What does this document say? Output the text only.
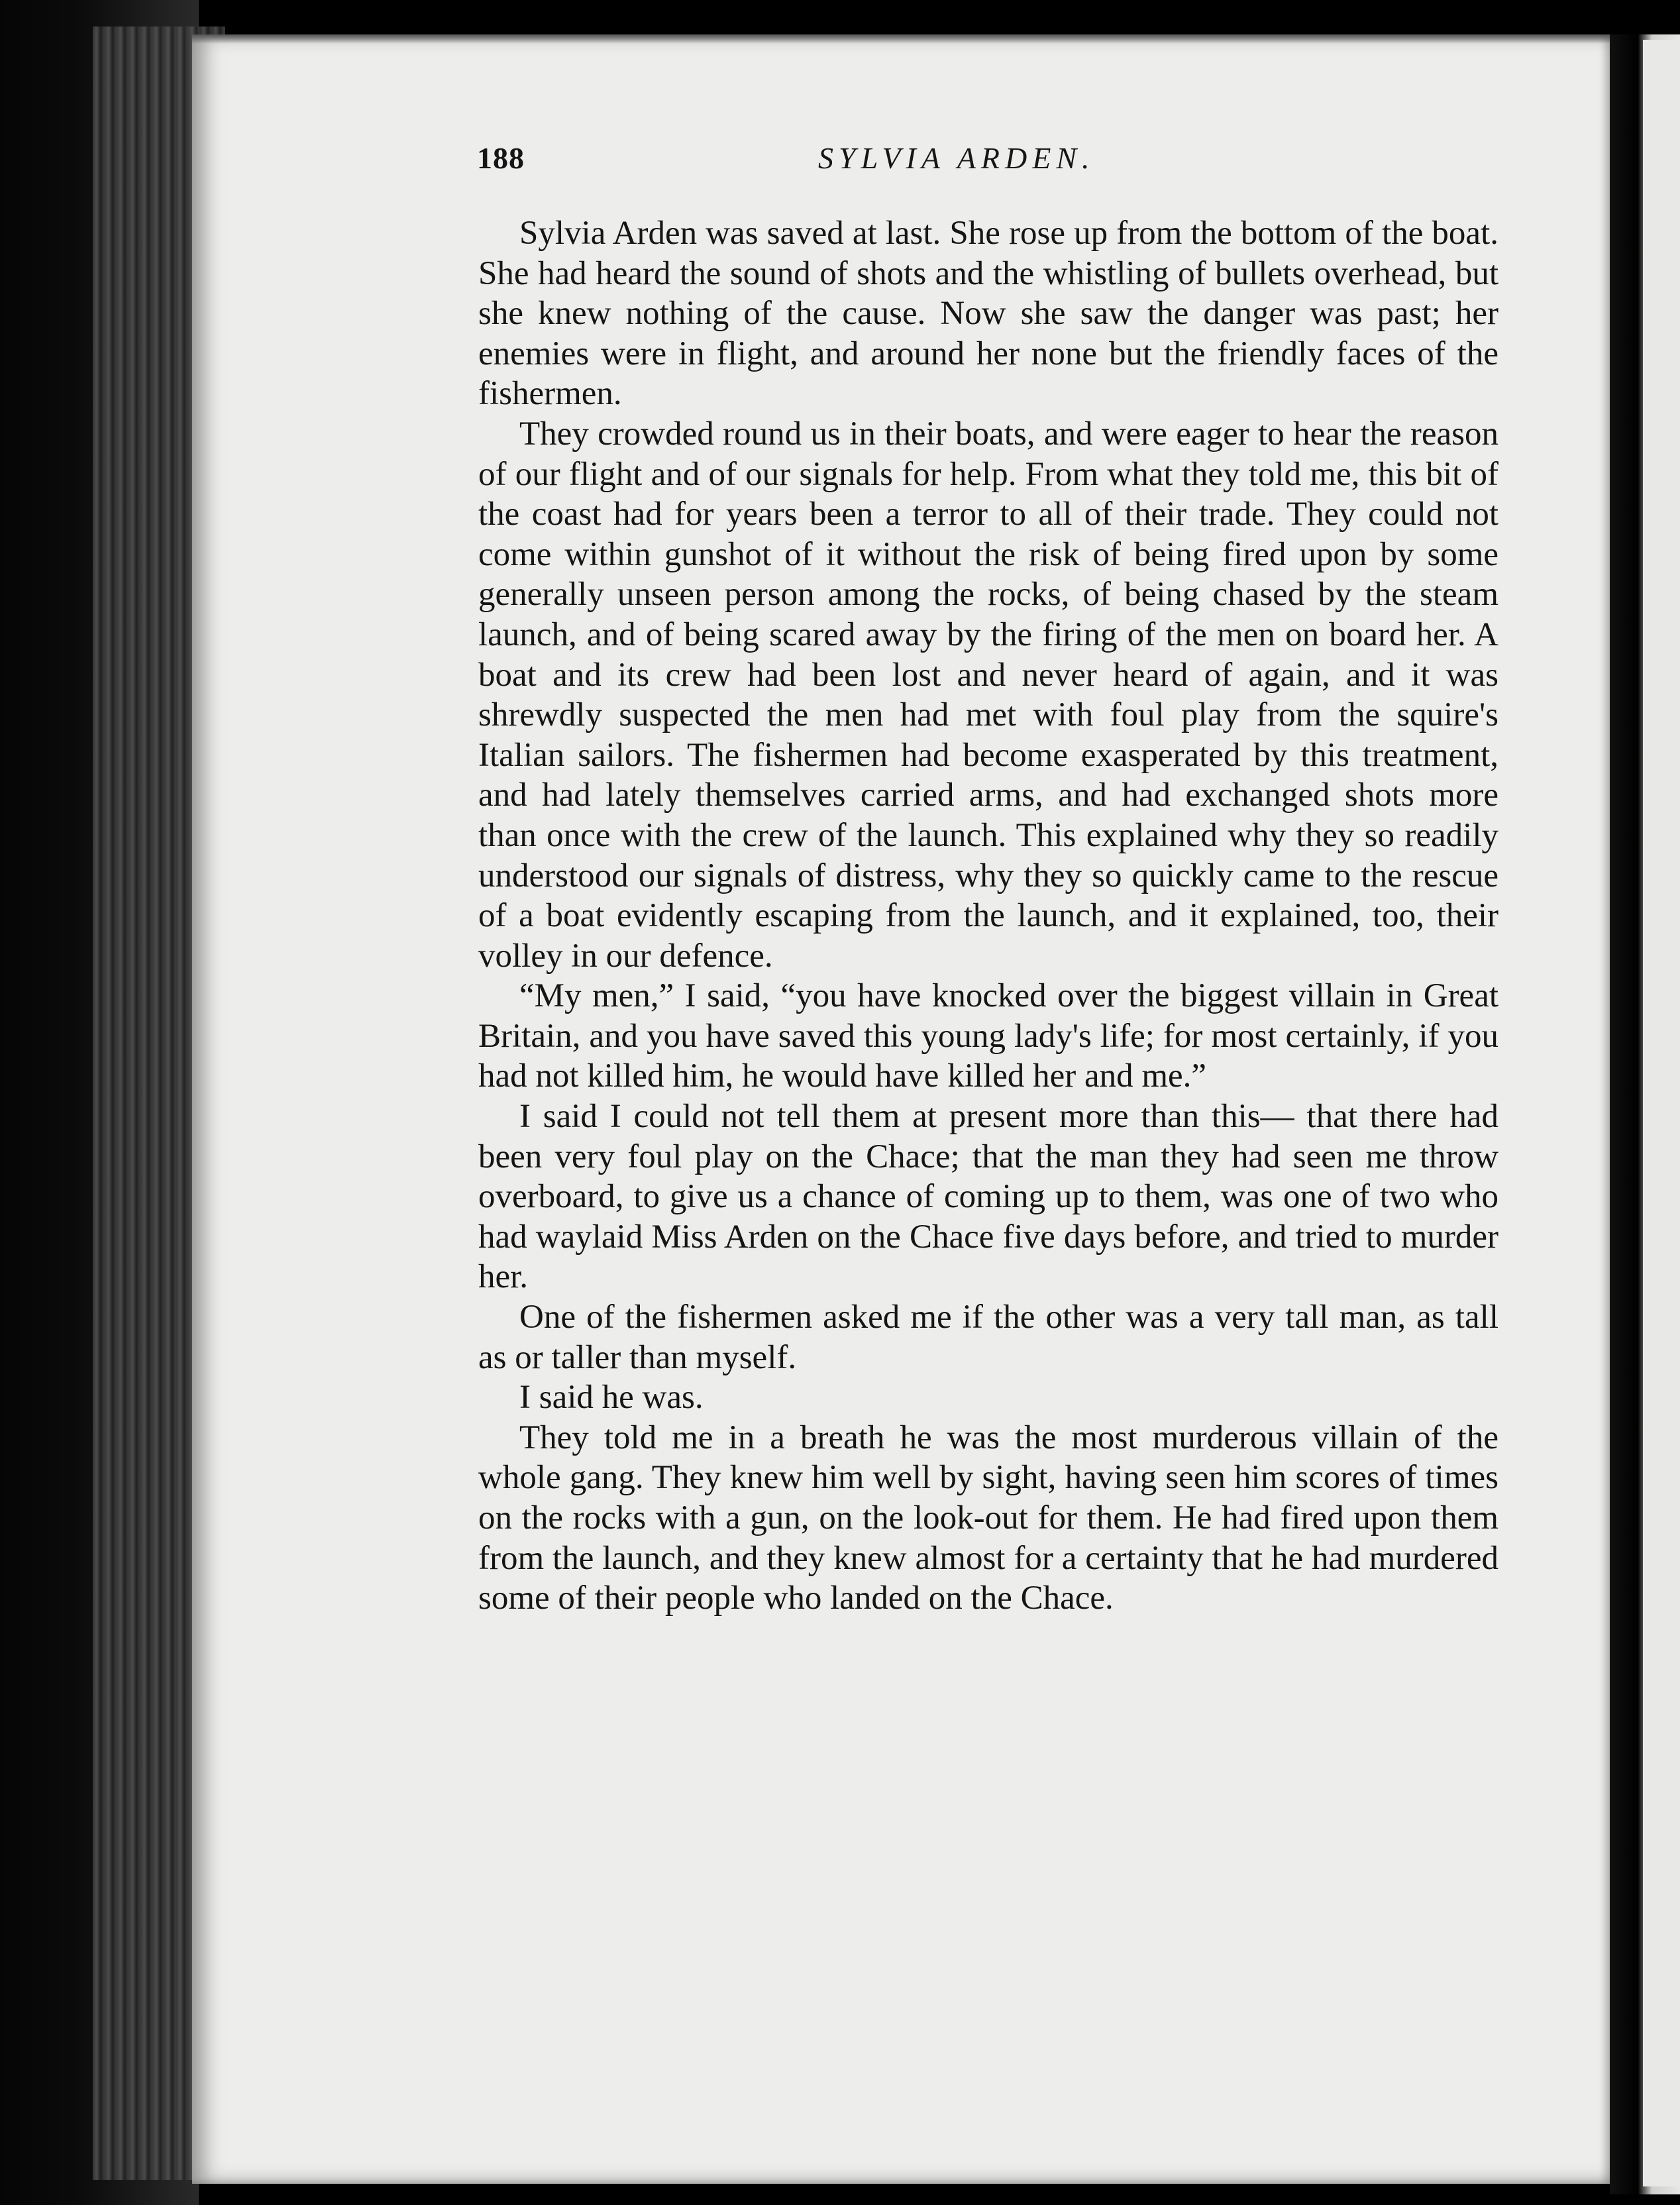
188	SYLVIA ARDEN.

Sylvia Arden was saved at last. She rose up from the bottom of the boat. She had heard the sound of shots and the whistling of bullets overhead, but she knew nothing of the cause. Now she saw the danger was past; her enemies were in flight, and around her none but the friendly faces of the fishermen.

They crowded round us in their boats, and were eager to hear the reason of our flight and of our signals for help. From what they told me, this bit of the coast had for years been a terror to all of their trade. They could not come within gunshot of it without the risk of being fired upon by some generally unseen person among the rocks, of being chased by the steam launch, and of being scared away by the firing of the men on board her. A boat and its crew had been lost and never heard of again, and it was shrewdly suspected the men had met with foul play from the squire's Italian sailors. The fishermen had become exasperated by this treatment, and had lately themselves carried arms, and had exchanged shots more than once with the crew of the launch. This explained why they so readily understood our signals of distress, why they so quickly came to the rescue of a boat evidently escaping from the launch, and it explained, too, their volley in our defence.

“My men,” I said, “you have knocked over the biggest villain in Great Britain, and you have saved this young lady's life; for most certainly, if you had not killed him, he would have killed her and me.”

I said I could not tell them at present more than this— that there had been very foul play on the Chace; that the man they had seen me throw overboard, to give us a chance of coming up to them, was one of two who had waylaid Miss Arden on the Chace five days before, and tried to murder her.

One of the fishermen asked me if the other was a very tall man, as tall as or taller than myself.

I said he was.

They told me in a breath he was the most murderous villain of the whole gang. They knew him well by sight, having seen him scores of times on the rocks with a gun, on the look-out for them. He had fired upon them from the launch, and they knew almost for a certainty that he had murdered some of their people who landed on the Chace.
